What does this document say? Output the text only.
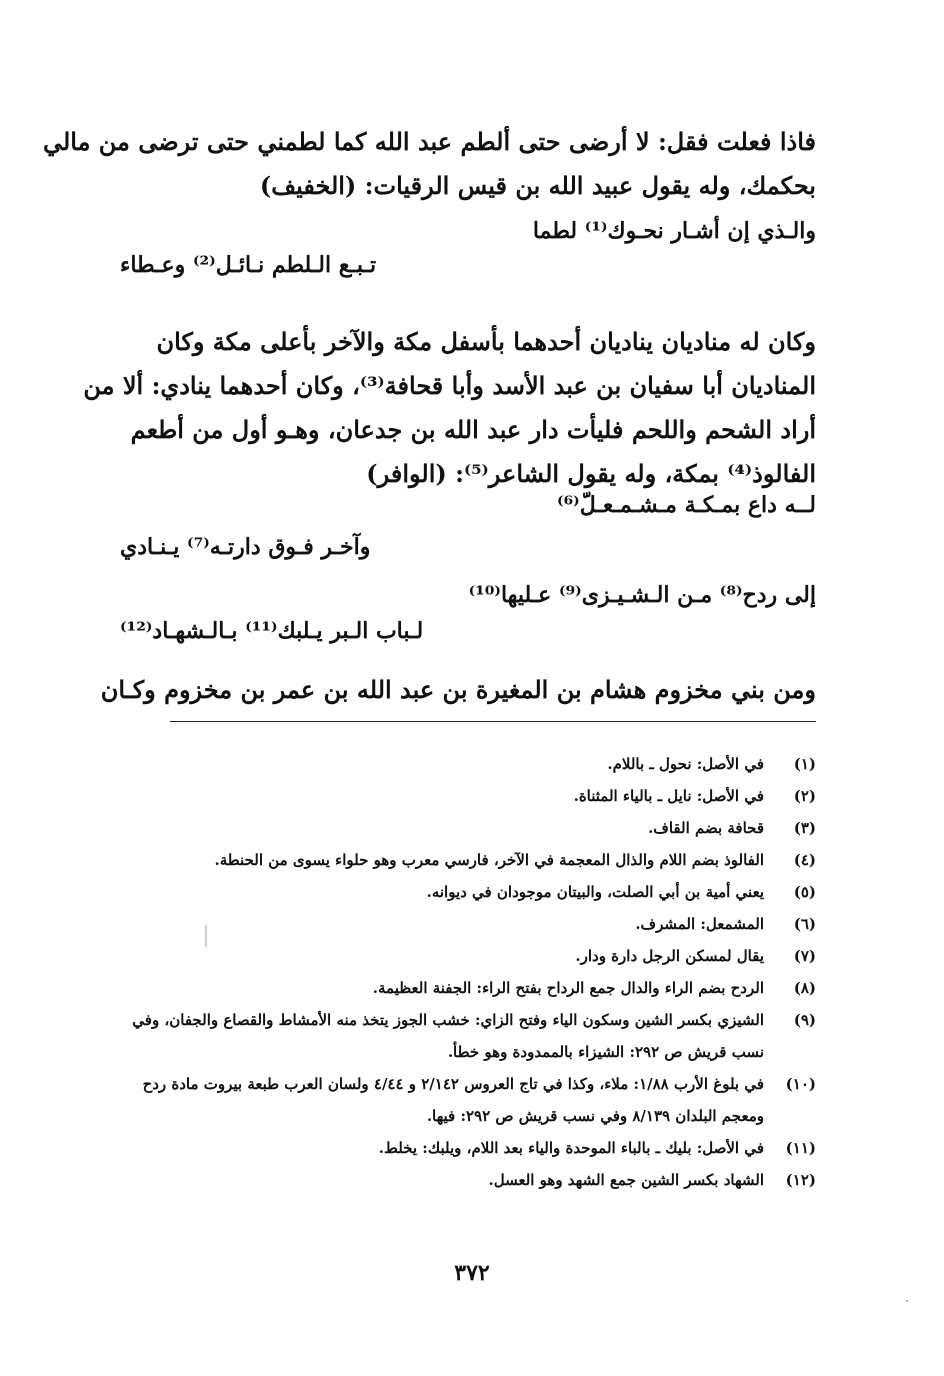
فاذا فعلت فقل: لا أرضى حتى ألطم عبد الله كما لطمني حتى ترضى من مالي
بحكمك، وله يقول عبيد الله بن قيس الرقيات: (الخفيف)
والـذي إن أشـار نحـوك⁽¹⁾ لطما
تـبـع الـلطم نـائـل⁽²⁾ وعـطاء
وكان له مناديان يناديان أحدهما بأسفل مكة والآخر بأعلى مكة وكان
المناديان أبا سفيان بن عبد الأسد وأبا قحافة⁽³⁾، وكان أحدهما ينادي: ألا من
أراد الشحم واللحم فليأت دار عبد الله بن جدعان، وهـو أول من أطعم
الفالوذ⁽⁴⁾ بمكة، وله يقول الشاعر⁽⁵⁾: (الوافر)
لــه داع بمـكـة مـشـمـعـلّ⁽⁶⁾
وآخـر فـوق دارتـه⁽⁷⁾ يـنـادي
إلى ردح⁽⁸⁾ مـن الـشـيـزى⁽⁹⁾ عـليها⁽¹⁰⁾
لـباب الـبر يـلبك⁽¹¹⁾ بـالـشهـاد⁽¹²⁾
ومن بني مخزوم هشام بن المغيرة بن عبد الله بن عمر بن مخزوم وكـان
(١)
في الأصل: نحول ـ باللام.
(٢)
في الأصل: نايل ـ بالياء المثناة.
(٣)
قحافة بضم القاف.
(٤)
الفالوذ بضم اللام والذال المعجمة في الآخر، فارسي معرب وهو حلواء يسوى من الحنطة.
(٥)
يعني أمية بن أبي الصلت، والبيتان موجودان في ديوانه.
(٦)
المشمعل: المشرف.
(٧)
يقال لمسكن الرجل دارة ودار.
(٨)
الردح بضم الراء والدال جمع الرداح بفتح الراء: الجفنة العظيمة.
(٩)
الشيزي بكسر الشين وسكون الياء وفتح الزاي: خشب الجوز يتخذ منه الأمشاط والقصاع والجفان، وفي نسب قريش ص ٢٩٢: الشيزاء بالممدودة وهو خطأ.
(١٠)
في بلوغ الأرب ١/٨٨: ملاء، وكذا في تاج العروس ٢/١٤٢ و ٤/٤٤ ولسان العرب طبعة بيروت مادة ردح ومعجم البلدان ٨/١٣٩ وفي نسب قريش ص ٢٩٢: فيها.
(١١)
في الأصل: بليك ـ بالباء الموحدة والياء بعد اللام، ويلبك: يخلط.
(١٢)
الشهاد بكسر الشين جمع الشهد وهو العسل.
٣٧٢
